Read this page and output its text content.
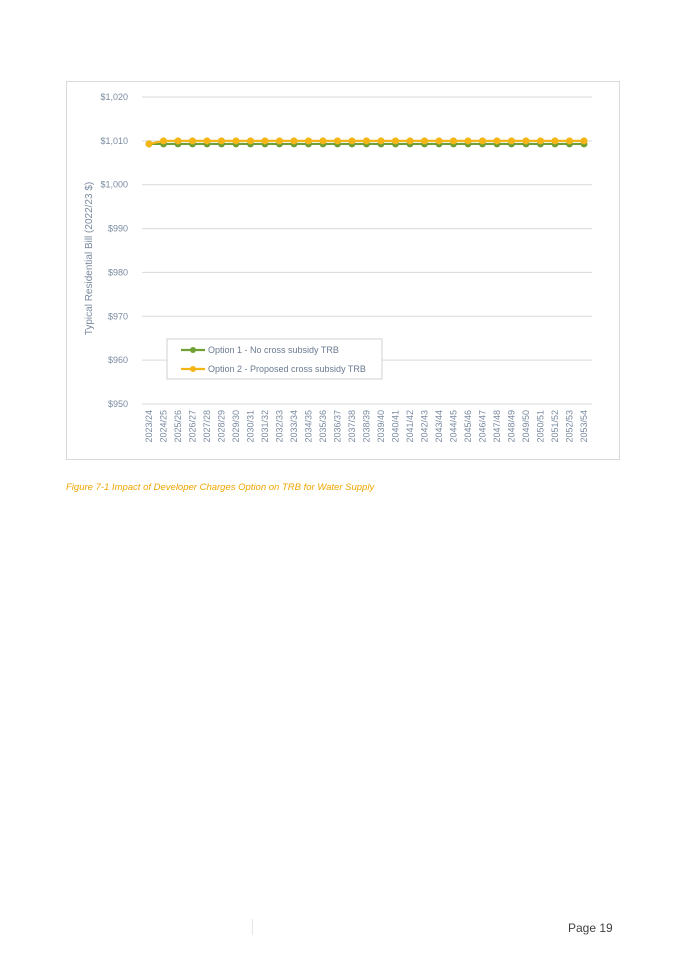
$950
$960
$970
$980
$990
$1,000
$1,010
$1,020
Typical Residential Bill (2022/23 $)
2023/24 2024/25 2025/26 2026/27 2027/28 2028/29 2029/30 2030/31 2031/32 2032/33 2033/34 2034/35 2035/36 2036/37 2037/38 2038/39 2039/40 2040/41 2041/42 2042/43 2043/44 2044/45 2045/46 2046/47 2047/48 2048/49 2049/50 2050/51 2051/52 2052/53 2053/54
Option 1 - No cross subsidy TRB
Option 2 - Proposed cross subsidy TRB
Figure 7-1 Impact of Developer Charges Option on TRB for Water Supply
Page 19
